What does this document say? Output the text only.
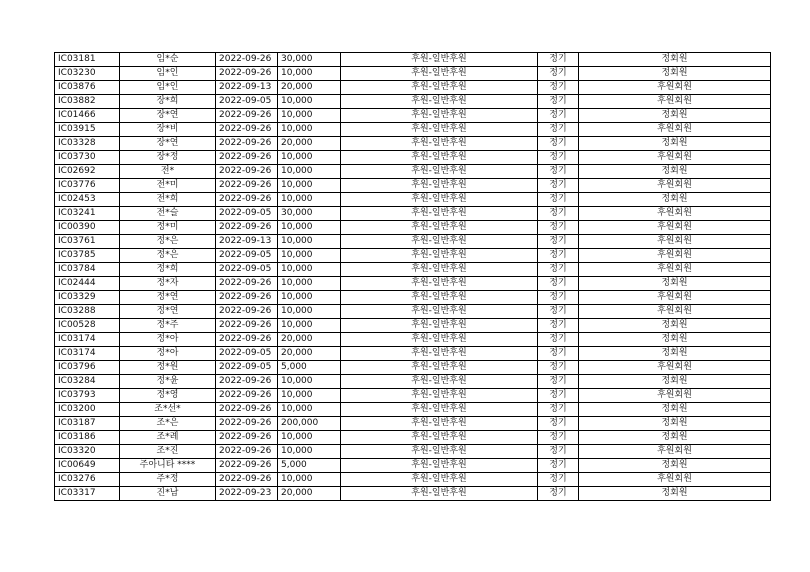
IC03181	임*순	2022-09-26	30,000	후원-일반후원	정기	정회원
IC03230	임*인	2022-09-26	10,000	후원-일반후원	정기	정회원
IC03876	임*인	2022-09-13	20,000	후원-일반후원	정기	후원회원
IC03882	장*희	2022-09-05	10,000	후원-일반후원	정기	후원회원
IC01466	장*연	2022-09-26	10,000	후원-일반후원	정기	정회원
IC03915	장*비	2022-09-26	10,000	후원-일반후원	정기	후원회원
IC03328	장*연	2022-09-26	20,000	후원-일반후원	정기	정회원
IC03730	장*정	2022-09-26	10,000	후원-일반후원	정기	후원회원
IC02692	전*	2022-09-26	10,000	후원-일반후원	정기	정회원
IC03776	전*미	2022-09-26	10,000	후원-일반후원	정기	후원회원
IC02453	전*희	2022-09-26	10,000	후원-일반후원	정기	정회원
IC03241	전*슬	2022-09-05	30,000	후원-일반후원	정기	후원회원
IC00390	정*미	2022-09-26	10,000	후원-일반후원	정기	후원회원
IC03761	정*은	2022-09-13	10,000	후원-일반후원	정기	후원회원
IC03785	정*은	2022-09-05	10,000	후원-일반후원	정기	후원회원
IC03784	정*희	2022-09-05	10,000	후원-일반후원	정기	후원회원
IC02444	정*자	2022-09-26	10,000	후원-일반후원	정기	정회원
IC03329	정*연	2022-09-26	10,000	후원-일반후원	정기	후원회원
IC03288	정*연	2022-09-26	10,000	후원-일반후원	정기	후원회원
IC00528	정*주	2022-09-26	10,000	후원-일반후원	정기	정회원
IC03174	정*아	2022-09-26	20,000	후원-일반후원	정기	정회원
IC03174	정*아	2022-09-05	20,000	후원-일반후원	정기	정회원
IC03796	정*원	2022-09-05	5,000	후원-일반후원	정기	후원회원
IC03284	정*윤	2022-09-26	10,000	후원-일반후원	정기	정회원
IC03793	정*영	2022-09-26	10,000	후원-일반후원	정기	후원회원
IC03200	조*선*	2022-09-26	10,000	후원-일반후원	정기	정회원
IC03187	조*은	2022-09-26	200,000	후원-일반후원	정기	정회원
IC03186	조*례	2022-09-26	10,000	후원-일반후원	정기	정회원
IC03320	조*진	2022-09-26	10,000	후원-일반후원	정기	후원회원
IC00649	주아니타 ****	2022-09-26	5,000	후원-일반후원	정기	정회원
IC03276	주*정	2022-09-26	10,000	후원-일반후원	정기	후원회원
IC03317	진*남	2022-09-23	20,000	후원-일반후원	정기	정회원
